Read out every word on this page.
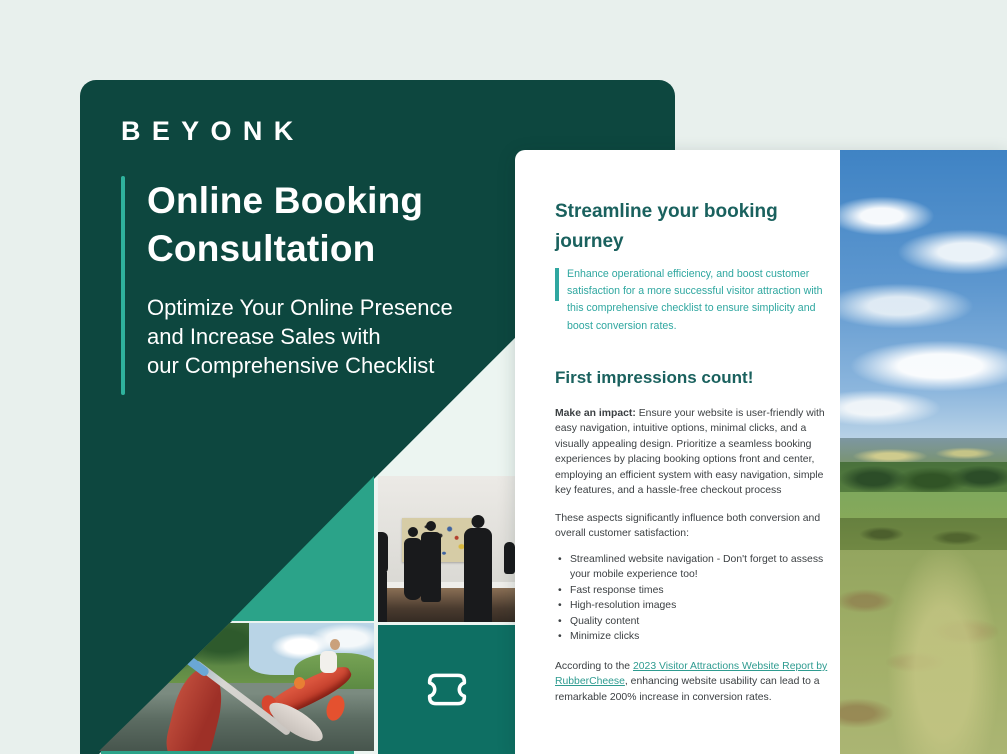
BEYONK
Online Booking
Consultation

Optimize Your Online Presence
and Increase Sales with
our Comprehensive Checklist

Streamline your booking journey

Enhance operational efficiency, and boost customer satisfaction for a more successful visitor attraction with this comprehensive checklist to ensure simplicity and boost conversion rates.

First impressions count!

Make an impact: Ensure your website is user-friendly with easy navigation, intuitive options, minimal clicks, and a visually appealing design. Prioritize a seamless booking experiences by placing booking options front and center, employing an efficient system with easy navigation, simple key features, and a hassle-free checkout process

These aspects significantly influence both conversion and overall customer satisfaction:

• Streamlined website navigation - Don't forget to assess your mobile experience too!
• Fast response times
• High-resolution images
• Quality content
• Minimize clicks

According to the 2023 Visitor Attractions Website Report by RubberCheese, enhancing website usability can lead to a remarkable 200% increase in conversion rates.
